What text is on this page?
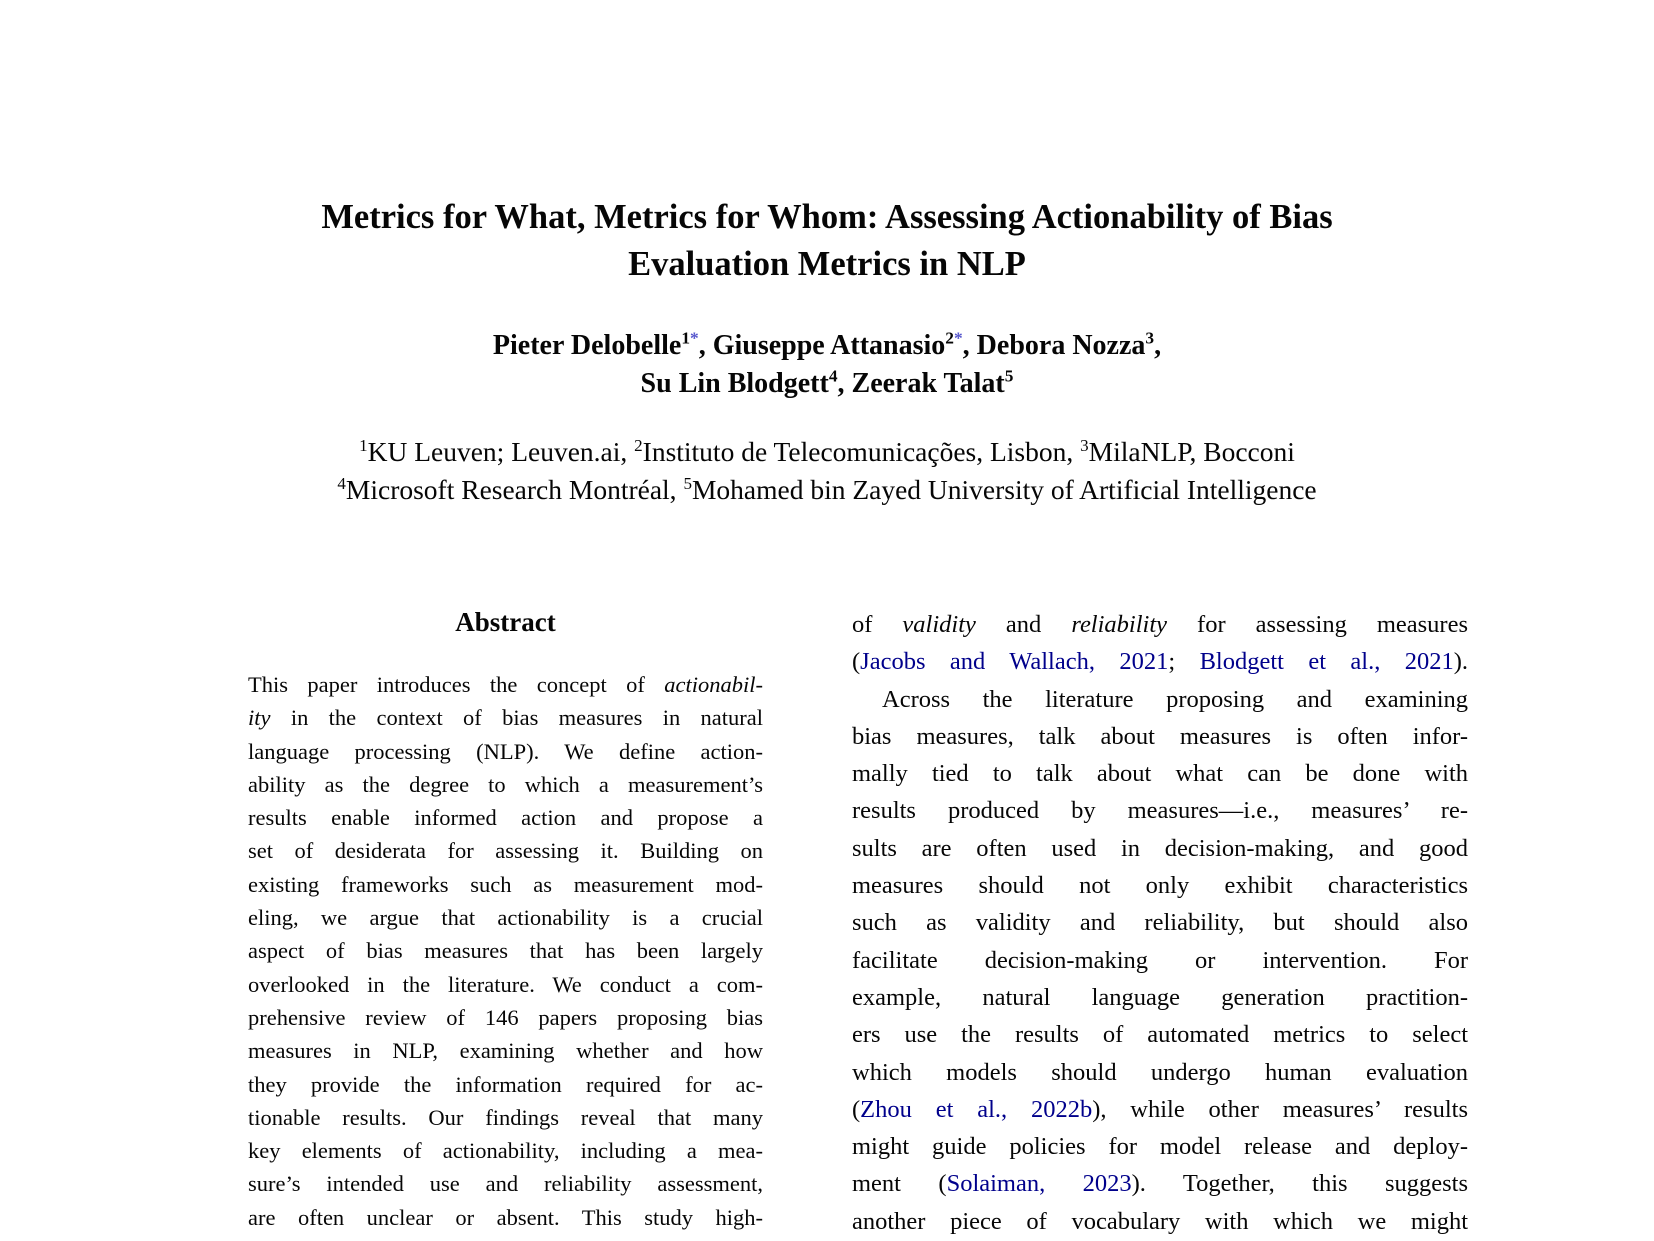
Metrics for What, Metrics for Whom: Assessing Actionability of Bias
Evaluation Metrics in NLP
Pieter Delobelle$^{1*}$, Giuseppe Attanasio$^{2*}$, Debora Nozza$^3$,
Su Lin Blodgett$^4$, Zeerak Talat$^5$
$^1$KU Leuven; Leuven.ai, $^2$Instituto de Telecomunicações, Lisbon, $^3$MilaNLP, Bocconi
$^4$Microsoft Research Montréal, $^5$Mohamed bin Zayed University of Artificial Intelligence
Abstract
This paper introduces the concept of actionabil-
ity in the context of bias measures in natural
language processing (NLP). We define action-
ability as the degree to which a measurement’s
results enable informed action and propose a
set of desiderata for assessing it. Building on
existing frameworks such as measurement mod-
eling, we argue that actionability is a crucial
aspect of bias measures that has been largely
overlooked in the literature. We conduct a com-
prehensive review of 146 papers proposing bias
measures in NLP, examining whether and how
they provide the information required for ac-
tionable results. Our findings reveal that many
key elements of actionability, including a mea-
sure’s intended use and reliability assessment,
are often unclear or absent. This study high-
of validity and reliability for assessing measures
(Jacobs and Wallach, 2021; Blodgett et al., 2021).
Across the literature proposing and examining
bias measures, talk about measures is often infor-
mally tied to talk about what can be done with
results produced by measures—i.e., measures’ re-
sults are often used in decision-making, and good
measures should not only exhibit characteristics
such as validity and reliability, but should also
facilitate decision-making or intervention. For
example, natural language generation practition-
ers use the results of automated metrics to select
which models should undergo human evaluation
(Zhou et al., 2022b), while other measures’ results
might guide policies for model release and deploy-
ment (Solaiman, 2023). Together, this suggests
another piece of vocabulary with which we might
